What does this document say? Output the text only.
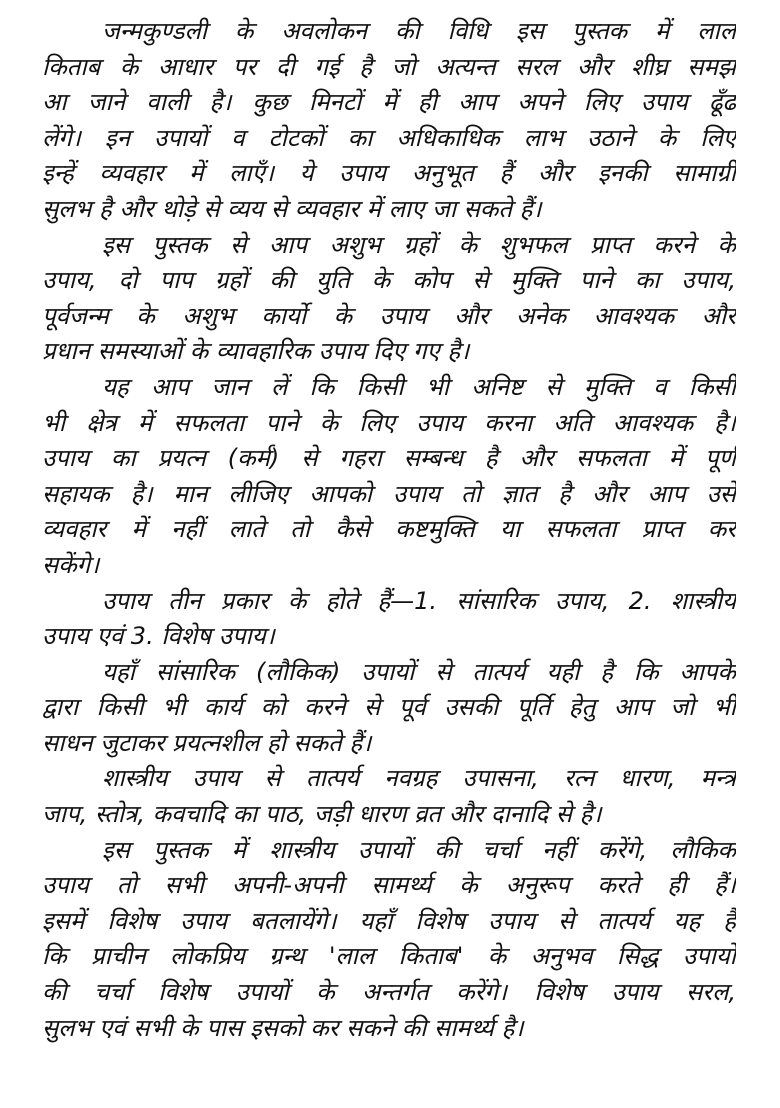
जन्मकुण्डली के अवलोकन की विधि इस पुस्तक में लाल
किताब के आधार पर दी गई है जो अत्यन्त सरल और शीघ्र समझ
आ जाने वाली है। कुछ मिनटों में ही आप अपने लिए उपाय ढूँढ
लेंगे। इन उपायों व टोटकों का अधिकाधिक लाभ उठाने के लिए
इन्हें व्यवहार में लाएँ। ये उपाय अनुभूत हैं और इनकी सामाग्री
सुलभ है और थोड़े से व्यय से व्यवहार में लाए जा सकते हैं।
इस पुस्तक से आप अशुभ ग्रहों के शुभफल प्राप्त करने के
उपाय, दो पाप ग्रहों की युति के कोप से मुक्ति पाने का उपाय,
पूर्वजन्म के अशुभ कार्यो के उपाय और अनेक आवश्यक और
प्रधान समस्याओं के व्यावहारिक उपाय दिए गए है।
यह आप जान लें कि किसी भी अनिष्ट से मुक्ति व किसी
भी क्षेत्र में सफलता पाने के लिए उपाय करना अति आवश्यक है।
उपाय का प्रयत्न (कर्म) से गहरा सम्बन्ध है और सफलता में पूर्ण
सहायक है। मान लीजिए आपको उपाय तो ज्ञात है और आप उसे
व्यवहार में नहीं लाते तो कैसे कष्टमुक्ति या सफलता प्राप्त कर
सकेंगे।
उपाय तीन प्रकार के होते हैं—1. सांसारिक उपाय, 2. शास्त्रीय
उपाय एवं 3. विशेष उपाय।
यहाँ सांसारिक (लौकिक) उपायों से तात्पर्य यही है कि आपके
द्वारा किसी भी कार्य को करने से पूर्व उसकी पूर्ति हेतु आप जो भी
साधन जुटाकर प्रयत्नशील हो सकते हैं।
शास्त्रीय उपाय से तात्पर्य नवग्रह उपासना, रत्न धारण, मन्त्र
जाप, स्तोत्र, कवचादि का पाठ, जड़ी धारण व्रत और दानादि से है।
इस पुस्तक में शास्त्रीय उपायों की चर्चा नहीं करेंगे, लौकिक
उपाय तो सभी अपनी-अपनी सामर्थ्य के अनुरूप करते ही हैं।
इसमें विशेष उपाय बतलायेंगे। यहाँ विशेष उपाय से तात्पर्य यह है
कि प्राचीन लोकप्रिय ग्रन्थ 'लाल किताब' के अनुभव सिद्ध उपायों
की चर्चा विशेष उपायों के अन्तर्गत करेंगे। विशेष उपाय सरल,
सुलभ एवं सभी के पास इसको कर सकने की सामर्थ्य है।
